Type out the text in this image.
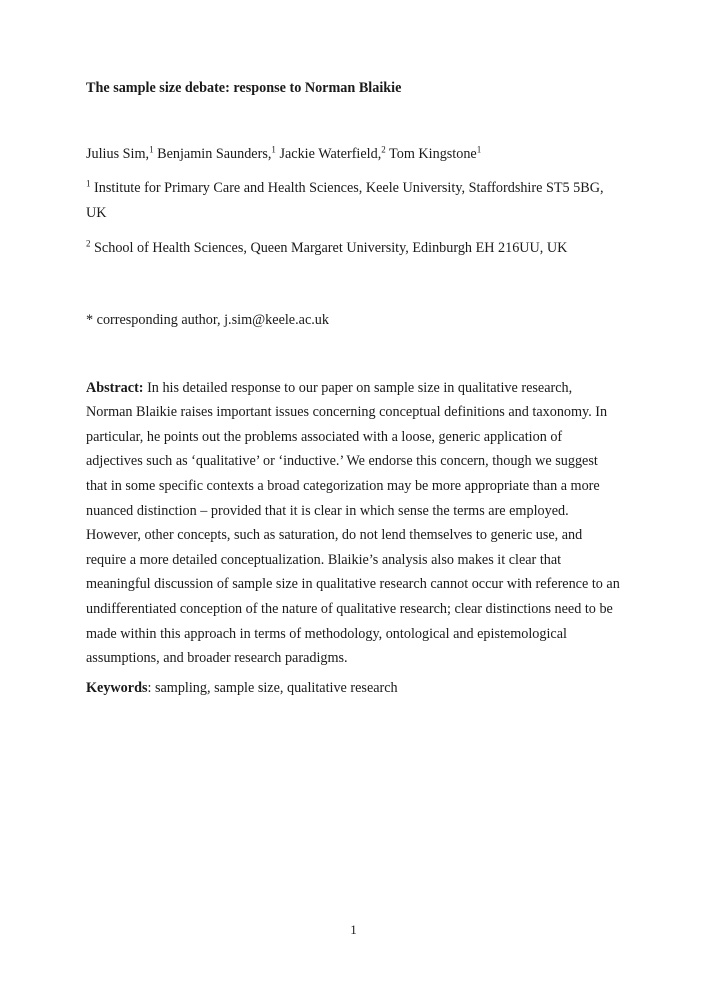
The sample size debate: response to Norman Blaikie

Julius Sim,$^1$ Benjamin Saunders,$^1$ Jackie Waterfield,$^2$ Tom Kingstone$^1$

$^1$ Institute for Primary Care and Health Sciences, Keele University, Staffordshire ST5 5BG,
UK

$^2$ School of Health Sciences, Queen Margaret University, Edinburgh EH 216UU, UK

* corresponding author, j.sim@keele.ac.uk

Abstract: In his detailed response to our paper on sample size in qualitative research, Norman Blaikie raises important issues concerning conceptual definitions and taxonomy. In particular, he points out the problems associated with a loose, generic application of adjectives such as ‘qualitative’ or ‘inductive.’ We endorse this concern, though we suggest that in some specific contexts a broad categorization may be more appropriate than a more nuanced distinction – provided that it is clear in which sense the terms are employed. However, other concepts, such as saturation, do not lend themselves to generic use, and require a more detailed conceptualization. Blaikie’s analysis also makes it clear that meaningful discussion of sample size in qualitative research cannot occur with reference to an undifferentiated conception of the nature of qualitative research; clear distinctions need to be made within this approach in terms of methodology, ontological and epistemological assumptions, and broader research paradigms.

Keywords: sampling, sample size, qualitative research

1
